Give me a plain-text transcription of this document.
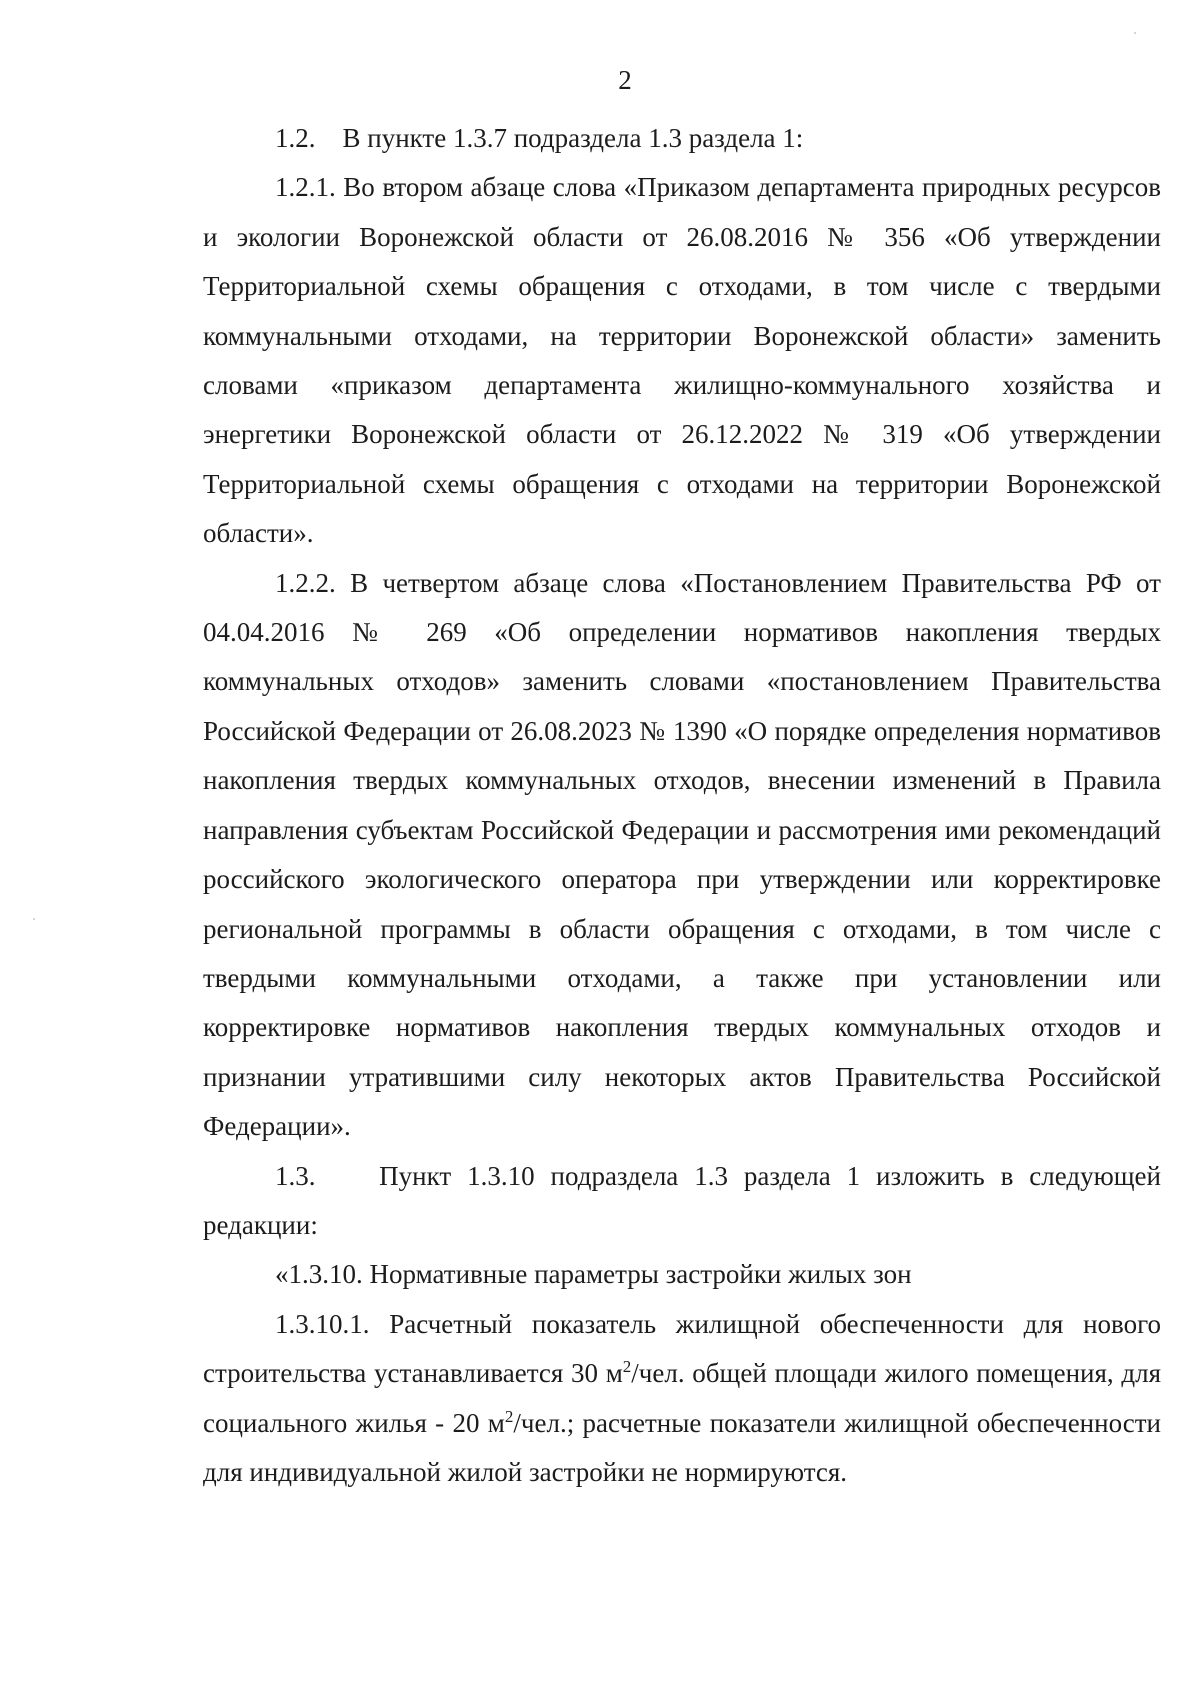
2

1.2.    В пункте 1.3.7 подраздела 1.3 раздела 1:

1.2.1. Во втором абзаце слова «Приказом департамента природных ресурсов и экологии Воронежской области от 26.08.2016 № 356 «Об утверждении Территориальной схемы обращения с отходами, в том числе с твердыми коммунальными отходами, на территории Воронежской области» заменить словами «приказом департамента жилищно-коммунального хозяйства и энергетики Воронежской области от 26.12.2022 № 319 «Об утверждении Территориальной схемы обращения с отходами на территории Воронежской области».

1.2.2. В четвертом абзаце слова «Постановлением Правительства РФ от 04.04.2016 № 269 «Об определении нормативов накопления твердых коммунальных отходов» заменить словами «постановлением Правительства Российской Федерации от 26.08.2023 № 1390 «О порядке определения нормативов накопления твердых коммунальных отходов, внесении изменений в Правила направления субъектам Российской Федерации и рассмотрения ими рекомендаций российского экологического оператора при утверждении или корректировке региональной программы в области обращения с отходами, в том числе с твердыми коммунальными отходами, а также при установлении или корректировке нормативов накопления твердых коммунальных отходов и признании утратившими силу некоторых актов Правительства Российской Федерации».

1.3.    Пункт 1.3.10 подраздела 1.3 раздела 1 изложить в следующей редакции:

«1.3.10. Нормативные параметры застройки жилых зон

1.3.10.1. Расчетный показатель жилищной обеспеченности для нового строительства устанавливается 30 $м^2$/чел. общей площади жилого помещения, для социального жилья - 20 $м^2$/чел.; расчетные показатели жилищной обеспеченности для индивидуальной жилой застройки не нормируются.
